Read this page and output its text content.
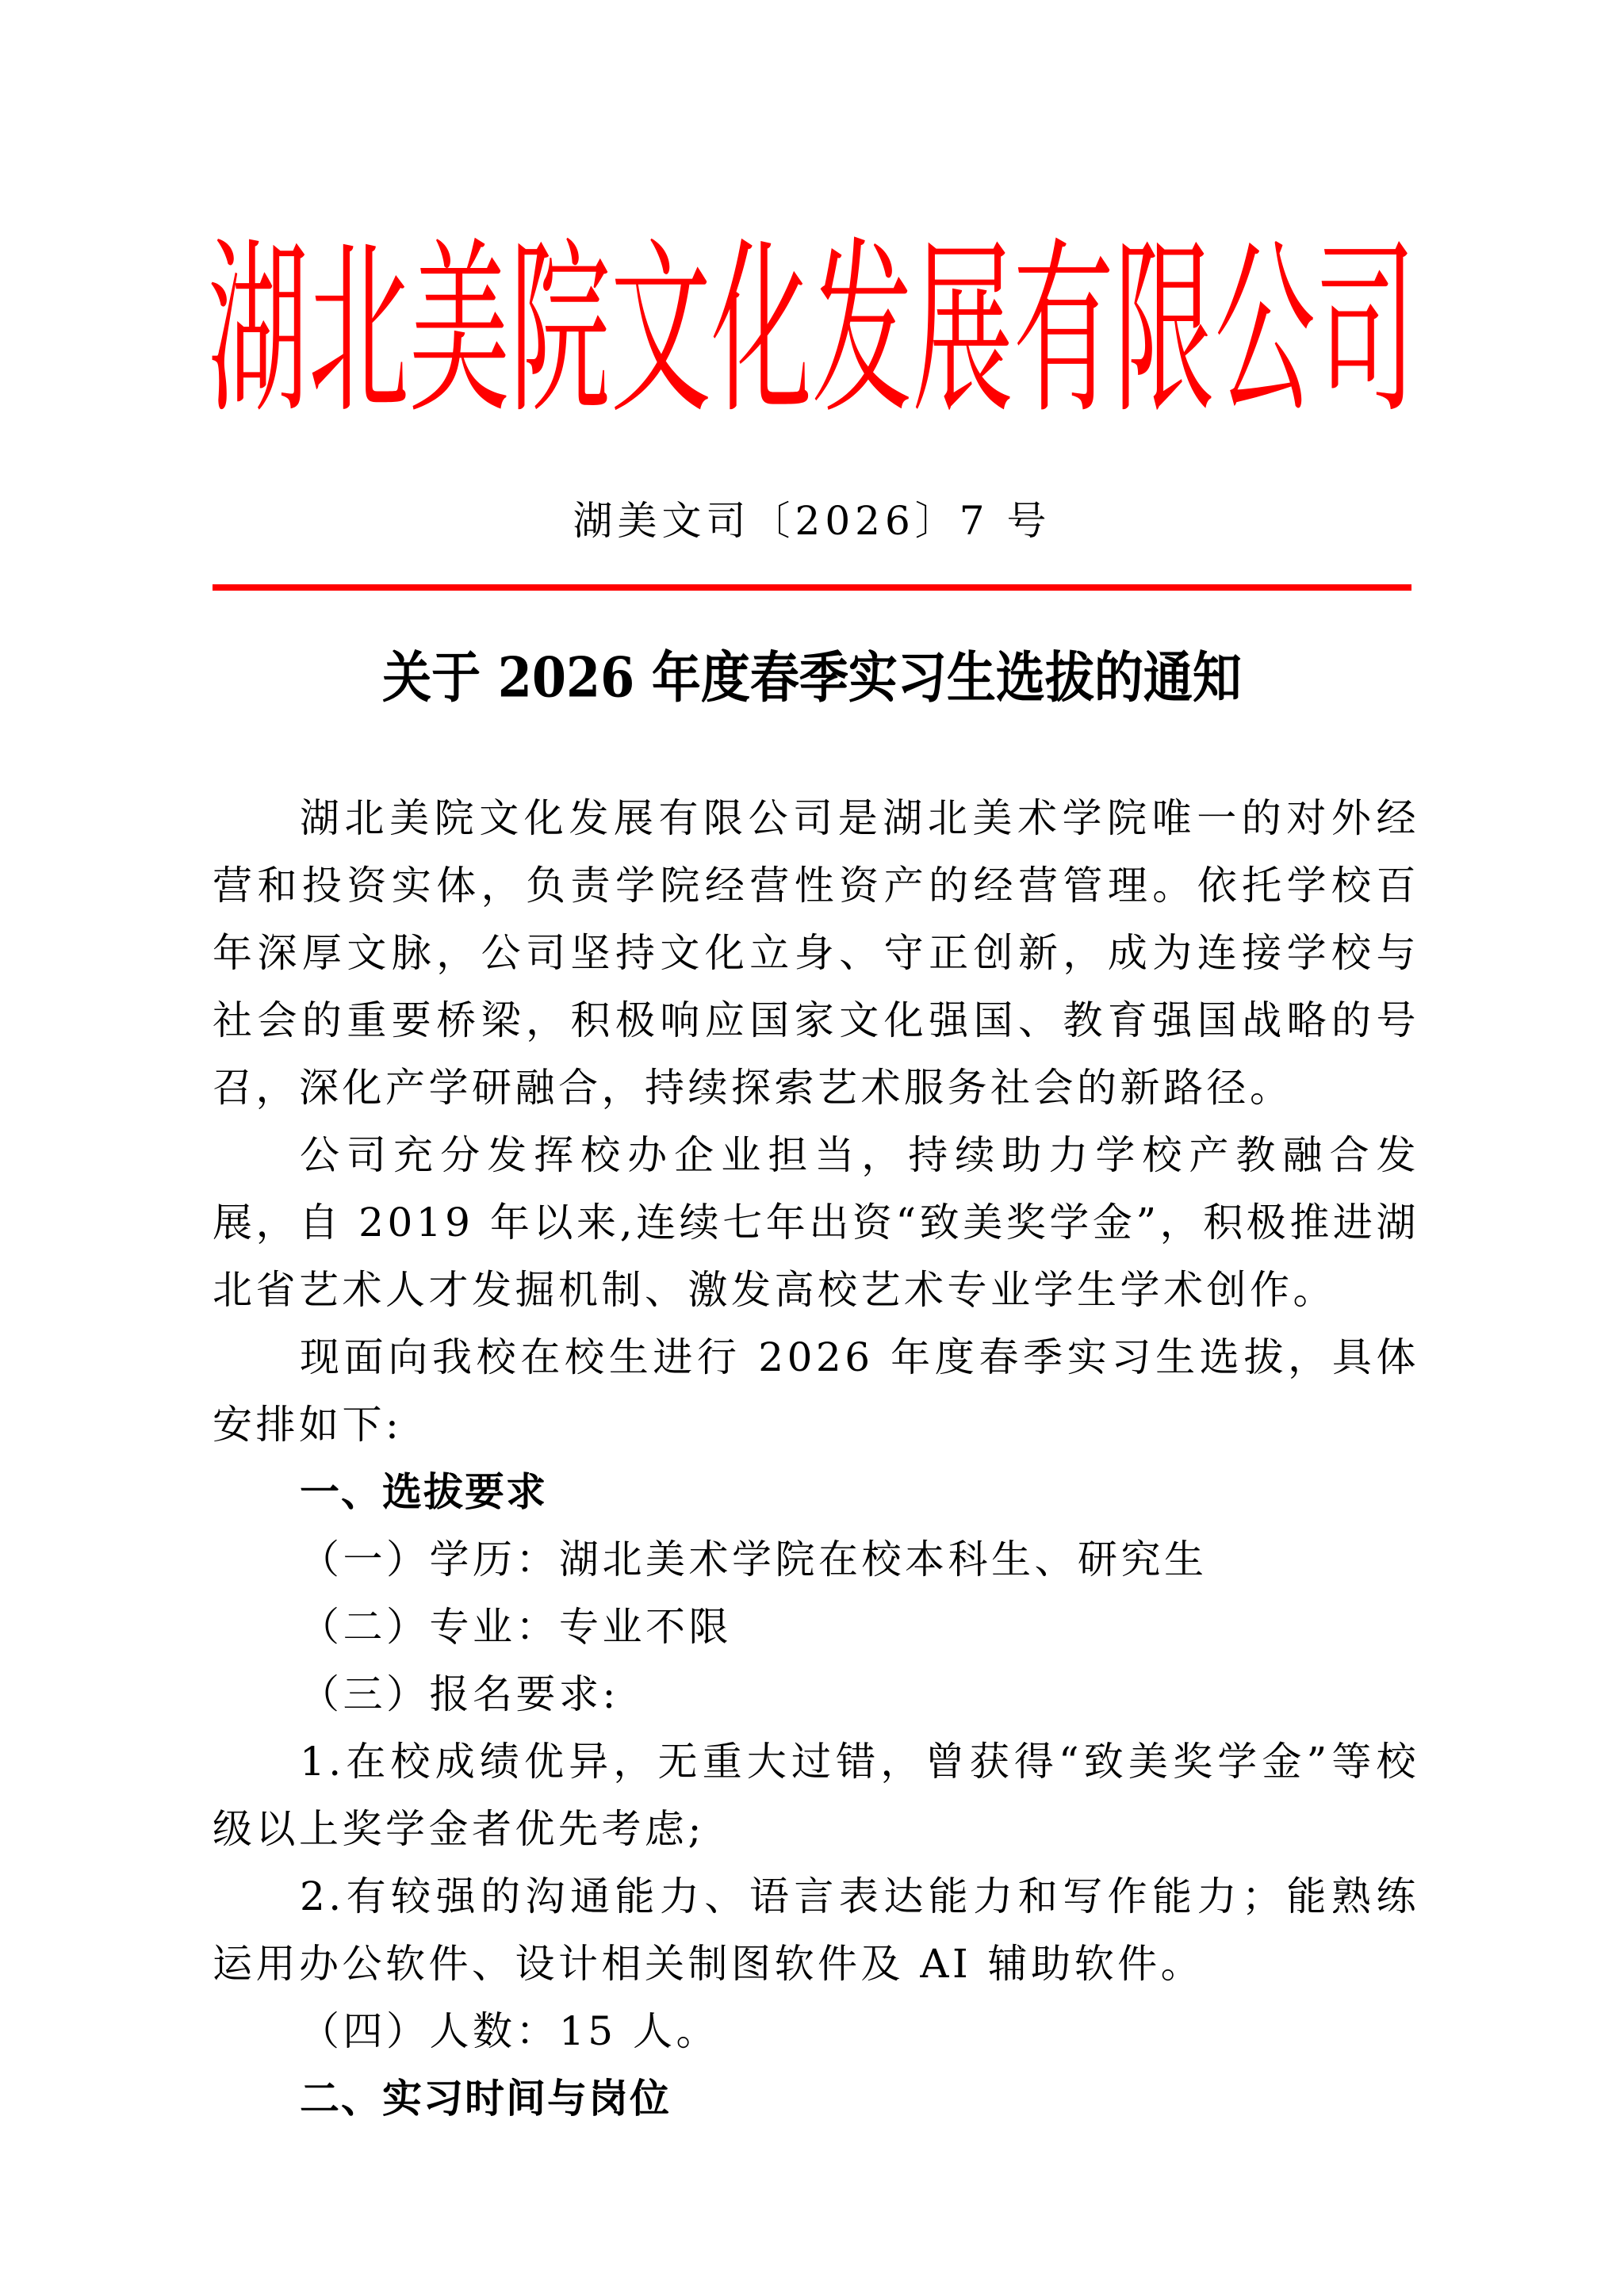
湖北美院文化发展有限公司
湖美文司〔2026〕7 号
关于 2026 年度春季实习生选拔的通知

湖北美院文化发展有限公司是湖北美术学院唯一的对外经营和投资实体，负责学院经营性资产的经营管理。依托学校百年深厚文脉，公司坚持文化立身、守正创新，成为连接学校与社会的重要桥梁，积极响应国家文化强国、教育强国战略的号召，深化产学研融合，持续探索艺术服务社会的新路径。

公司充分发挥校办企业担当，持续助力学校产教融合发展，自 2019 年以来,连续七年出资“致美奖学金”，积极推进湖北省艺术人才发掘机制、激发高校艺术专业学生学术创作。

现面向我校在校生进行 2026 年度春季实习生选拔，具体安排如下:

一、选拔要求

（一）学历：湖北美术学院在校本科生、研究生

（二）专业：专业不限

（三）报名要求:

1.在校成绩优异，无重大过错，曾获得“致美奖学金”等校级以上奖学金者优先考虑;

2.有较强的沟通能力、语言表达能力和写作能力；能熟练运用办公软件、设计相关制图软件及 AI 辅助软件。

（四）人数：15 人。

二、实习时间与岗位
